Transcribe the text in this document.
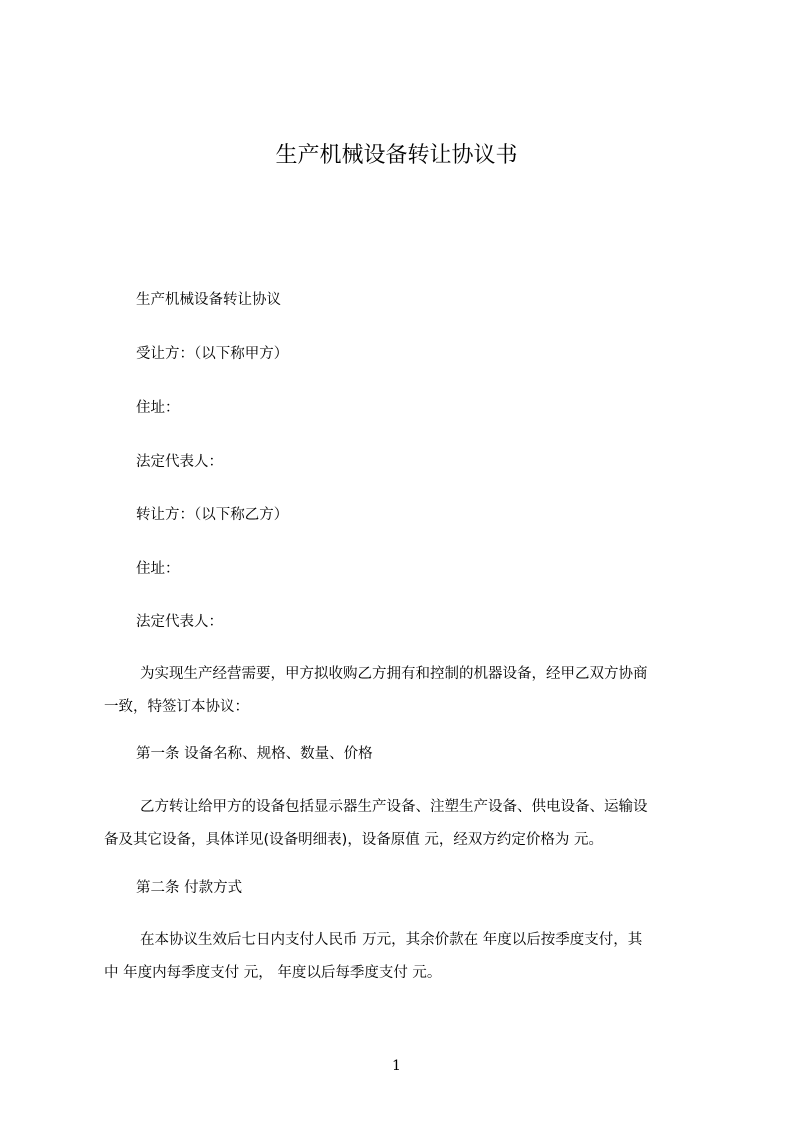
生产机械设备转让协议书

生产机械设备转让协议

受让方：（以下称甲方）

住址：

法定代表人：

转让方：（以下称乙方）

住址：

法定代表人：

为实现生产经营需要，甲方拟收购乙方拥有和控制的机器设备，经甲乙双方协商
一致，特签订本协议：

第一条 设备名称、规格、数量、价格

乙方转让给甲方的设备包括显示器生产设备、注塑生产设备、供电设备、运输设
备及其它设备，具体详见(设备明细表)，设备原值 元，经双方约定价格为 元。

第二条 付款方式

在本协议生效后七日内支付人民币 万元，其余价款在 年度以后按季度支付，其
中 年度内每季度支付 元， 年度以后每季度支付 元。
1
